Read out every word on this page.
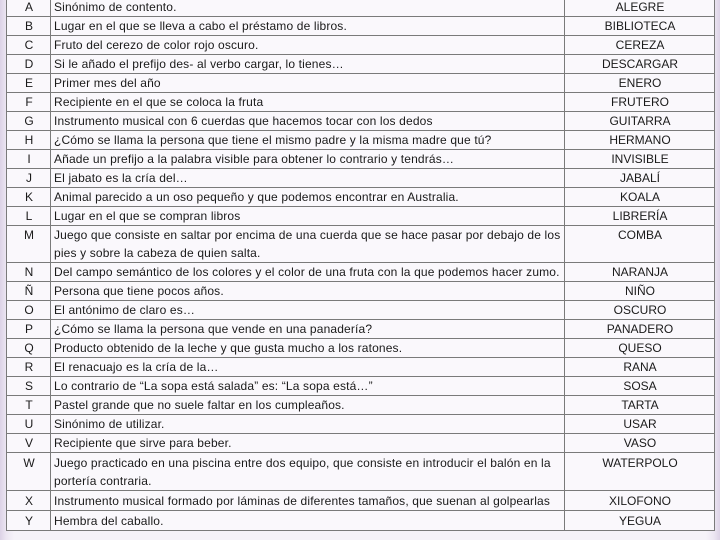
A	Sinónimo de contento.	ALEGRE
B	Lugar en el que se lleva a cabo el préstamo de libros.	BIBLIOTECA
C	Fruto del cerezo de color rojo oscuro.	CEREZA
D	Si le añado el prefijo des- al verbo cargar, lo tienes…	DESCARGAR
E	Primer mes del año	ENERO
F	Recipiente en el que se coloca la fruta	FRUTERO
G	Instrumento musical con 6 cuerdas que hacemos tocar con los dedos	GUITARRA
H	¿Cómo se llama la persona que tiene el mismo padre y la misma madre que tú?	HERMANO
I	Añade un prefijo a la palabra visible para obtener lo contrario y tendrás…	INVISIBLE
J	El jabato es la cría del…	JABALÍ
K	Animal parecido a un oso pequeño y que podemos encontrar en Australia.	KOALA
L	Lugar en el que se compran libros	LIBRERÍA
M	Juego que consiste en saltar por encima de una cuerda que se hace pasar por debajo de los pies y sobre la cabeza de quien salta.	COMBA
N	Del campo semántico de los colores y el color de una fruta con la que podemos hacer zumo.	NARANJA
Ñ	Persona que tiene pocos años.	NIÑO
O	El antónimo de claro es…	OSCURO
P	¿Cómo se llama la persona que vende en una panadería?	PANADERO
Q	Producto obtenido de la leche y que gusta mucho a los ratones.	QUESO
R	El renacuajo es la cría de la…	RANA
S	Lo contrario de “La sopa está salada” es: “La sopa está…”	SOSA
T	Pastel grande que no suele faltar en los cumpleaños.	TARTA
U	Sinónimo de utilizar.	USAR
V	Recipiente que sirve para beber.	VASO
W	Juego practicado en una piscina entre dos equipo, que consiste en introducir el balón en la portería contraria.	WATERPOLO
X	Instrumento musical formado por láminas de diferentes tamaños, que suenan al golpearlas	XILOFONO
Y	Hembra del caballo.	YEGUA
